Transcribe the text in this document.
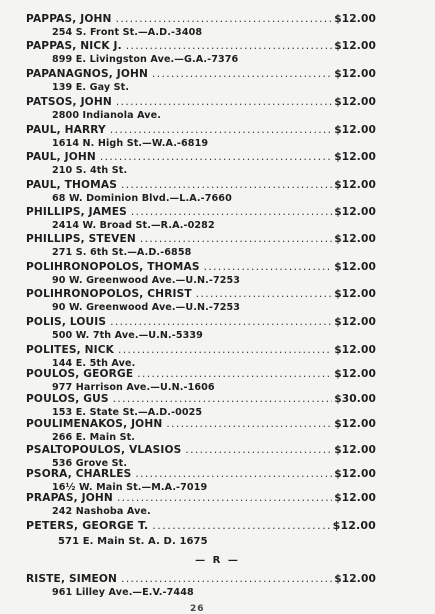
PAPPAS, JOHN . . .	$12.00
254 S. Front St.—A.D.-3408
PAPPAS, NICK J. . . .	$12.00
899 E. Livingston Ave.—G.A.-7376
PAPANAGNOS, JOHN . . .	$12.00
139 E. Gay St.
PATSOS, JOHN . . .	$12.00
2800 Indianola Ave.
PAUL, HARRY . . .	$12.00
1614 N. High St.—W.A.-6819
PAUL, JOHN . . .	$12.00
210 S. 4th St.
PAUL, THOMAS . . .	$12.00
68 W. Dominion Blvd.—L.A.-7660
PHILLIPS, JAMES . . .	$12.00
2414 W. Broad St.—R.A.-0282
PHILLIPS, STEVEN . . .	$12.00
271 S. 6th St.—A.D.-6858
POLIHRONOPOLOS, THOMAS . . .	$12.00
90 W. Greenwood Ave.—U.N.-7253
POLIHRONOPOLOS, CHRIST . . .	$12.00
90 W. Greenwood Ave.—U.N.-7253
POLIS, LOUIS . . .	$12.00
500 W. 7th Ave.—U.N.-5339
POLITES, NICK . . .	$12.00
144 E. 5th Ave.
POULOS, GEORGE . . .	$12.00
977 Harrison Ave.—U.N.-1606
POULOS, GUS . . .	$30.00
153 E. State St.—A.D.-0025
POULIMENAKOS, JOHN . . .	$12.00
266 E. Main St.
PSALTOPOULOS, VLASIOS . . .	$12.00
536 Grove St.
PSORA, CHARLES . . .	$12.00
16½ W. Main St.—M.A.-7019
PRAPAS, JOHN . . .	$12.00
242 Nashoba Ave.
PETERS, GEORGE T. . . .	$12.00
571 E. Main St. A. D. 1675
— R —
RISTE, SIMEON . . .	$12.00
961 Lilley Ave.—E.V.-7448
26
